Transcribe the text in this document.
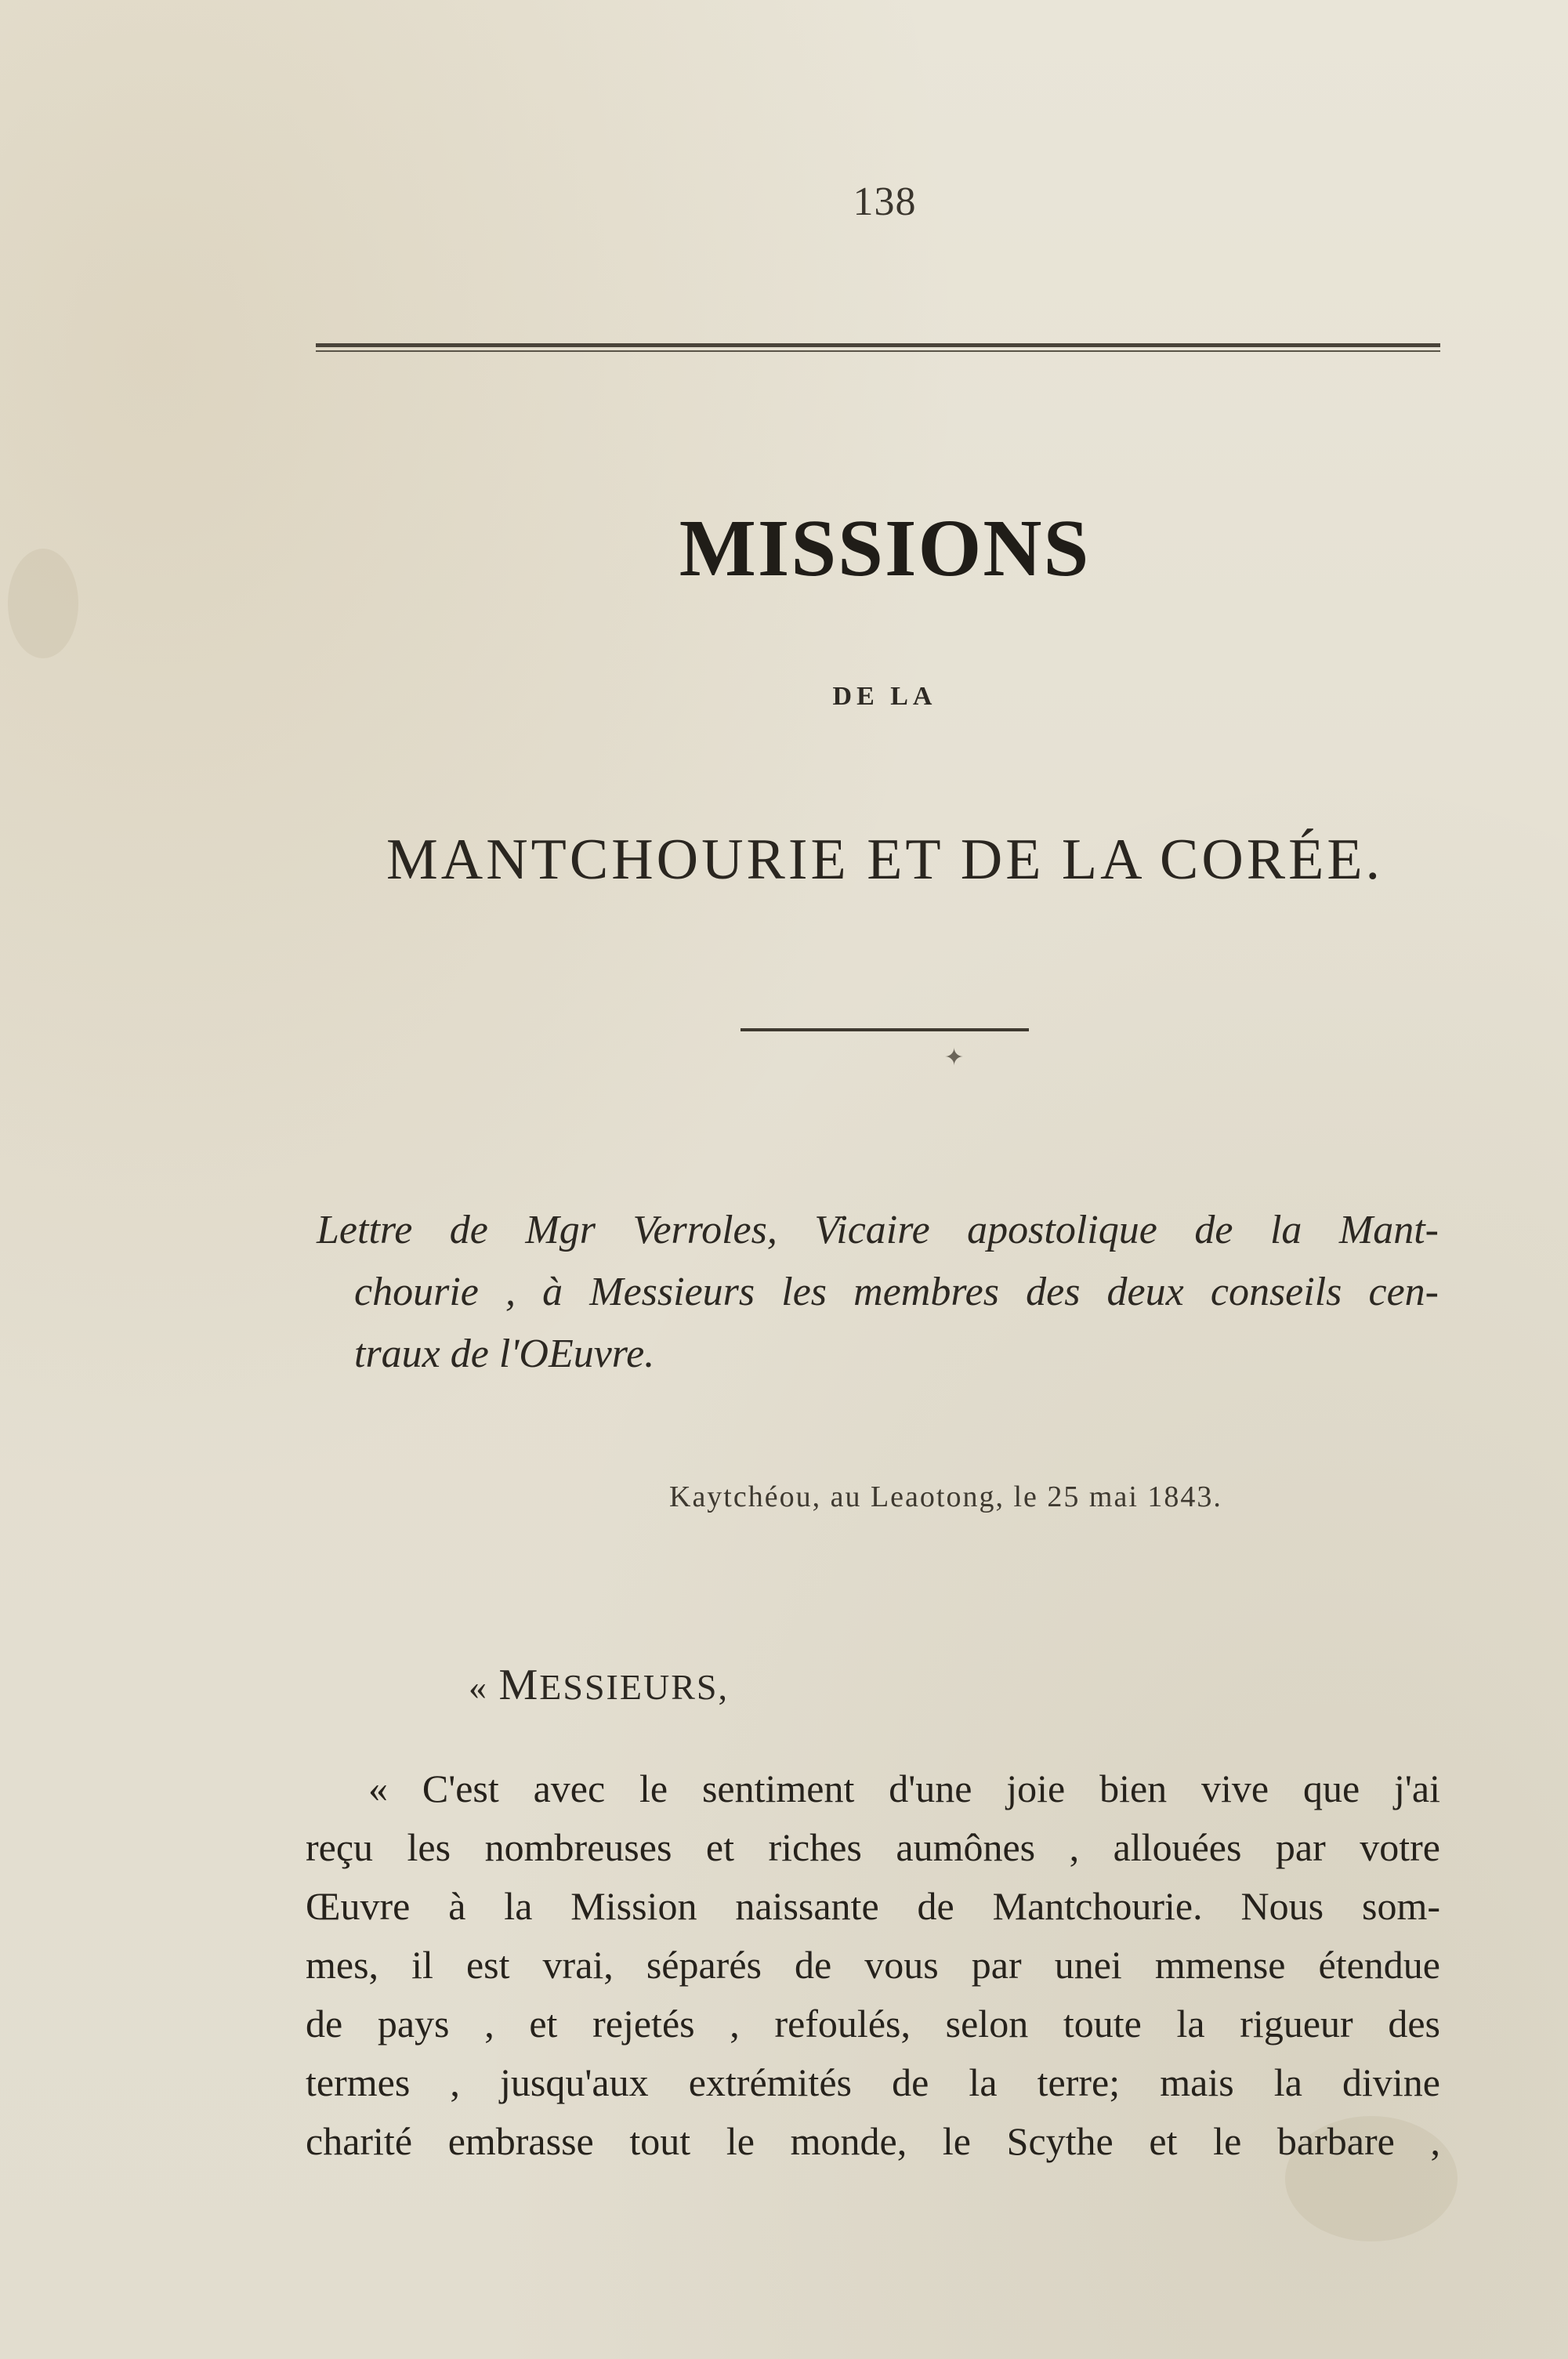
138
MISSIONS
DE LA
MANTCHOURIE ET DE LA CORÉE.
✦
Lettre de Mgr Verroles, Vicaire apostolique de la Mant-
chourie , à Messieurs les membres des deux conseils cen-
traux de l'OEuvre.
Kaytchéou, au Leaotong, le 25 mai 1843.
« MESSIEURS,
« C'est avec le sentiment d'une joie bien vive que j'ai
reçu les nombreuses et riches aumônes , allouées par votre
Œuvre à la Mission naissante de Mantchourie. Nous som-
mes, il est vrai, séparés de vous par unei mmense étendue
de pays , et rejetés , refoulés, selon toute la rigueur des
termes , jusqu'aux extrémités de la terre; mais la divine
charité embrasse tout le monde, le Scythe et le barbare ,
